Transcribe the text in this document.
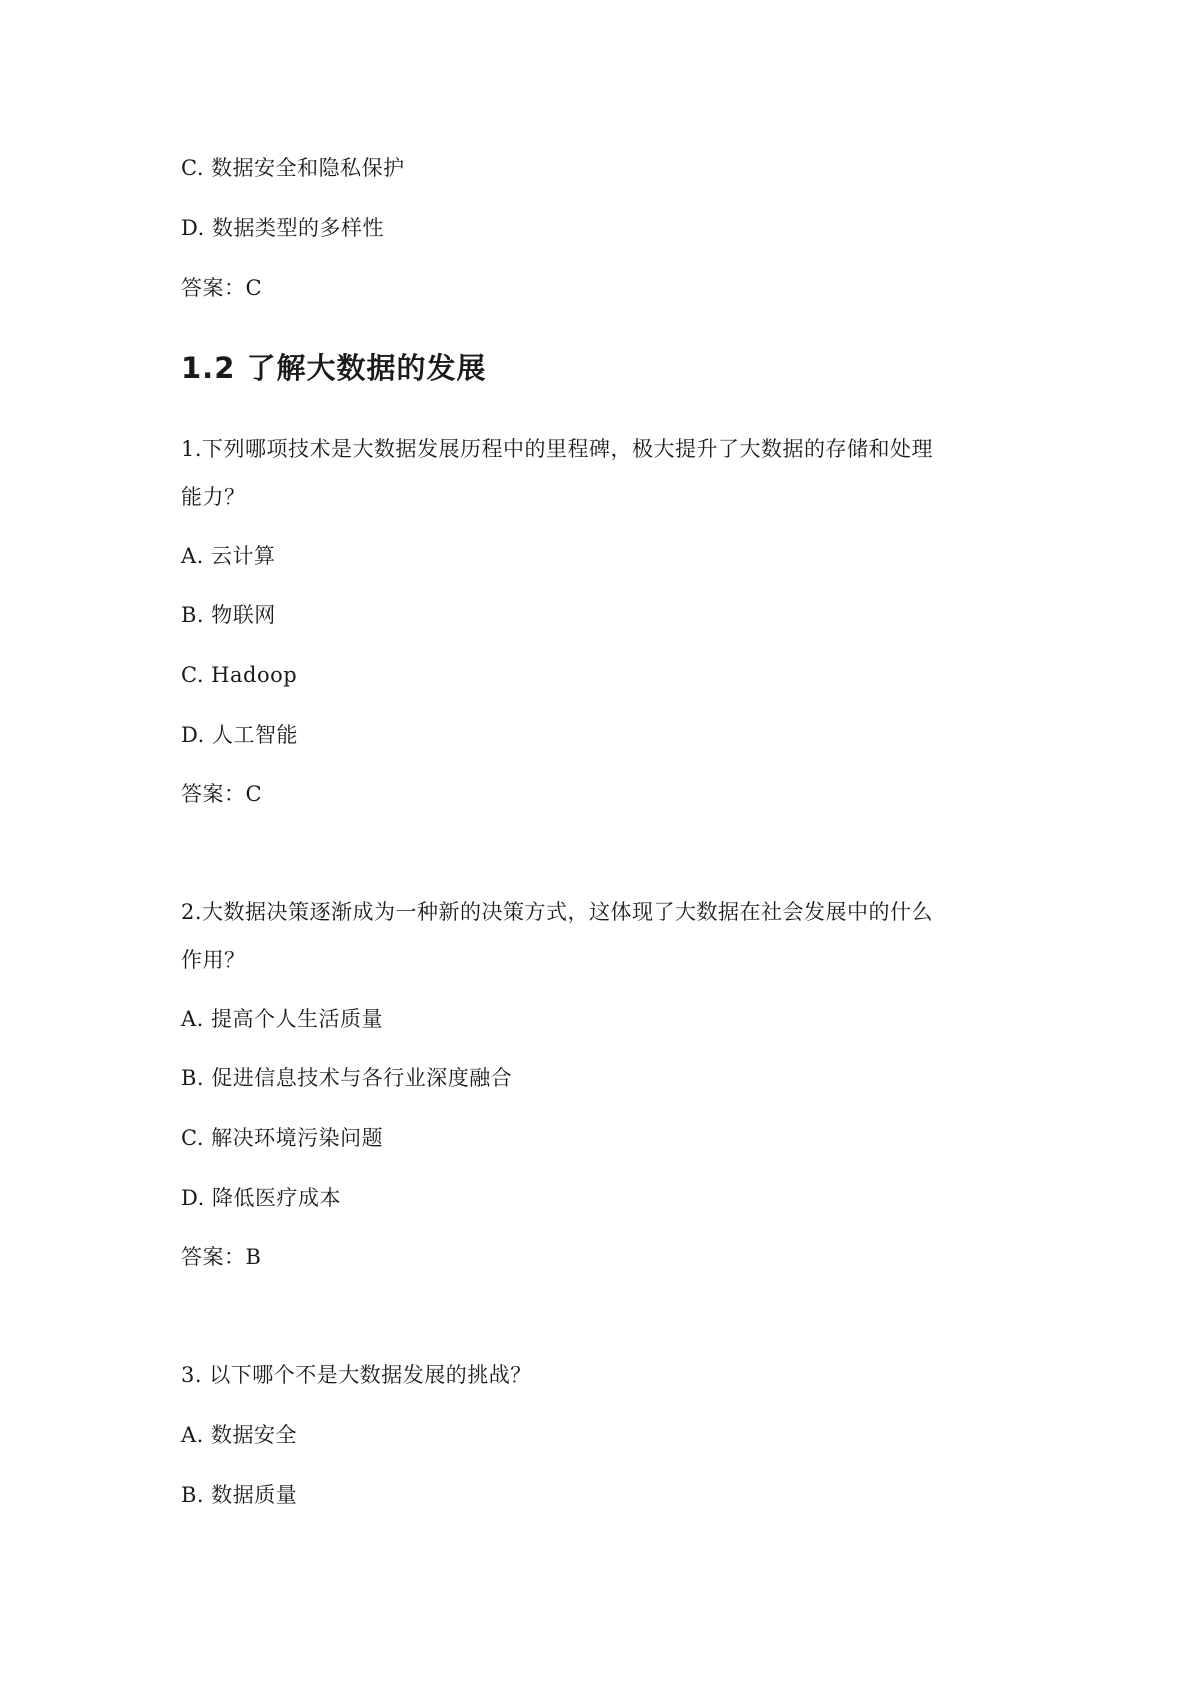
C. 数据安全和隐私保护
D. 数据类型的多样性
答案：C
1.2 了解大数据的发展
1.下列哪项技术是大数据发展历程中的里程碑，极大提升了大数据的存储和处理
能力？
A. 云计算
B. 物联网
C. Hadoop
D. 人工智能
答案：C
2.大数据决策逐渐成为一种新的决策方式，这体现了大数据在社会发展中的什么
作用？
A. 提高个人生活质量
B. 促进信息技术与各行业深度融合
C. 解决环境污染问题
D. 降低医疗成本
答案：B
3. 以下哪个不是大数据发展的挑战？
A. 数据安全
B. 数据质量
